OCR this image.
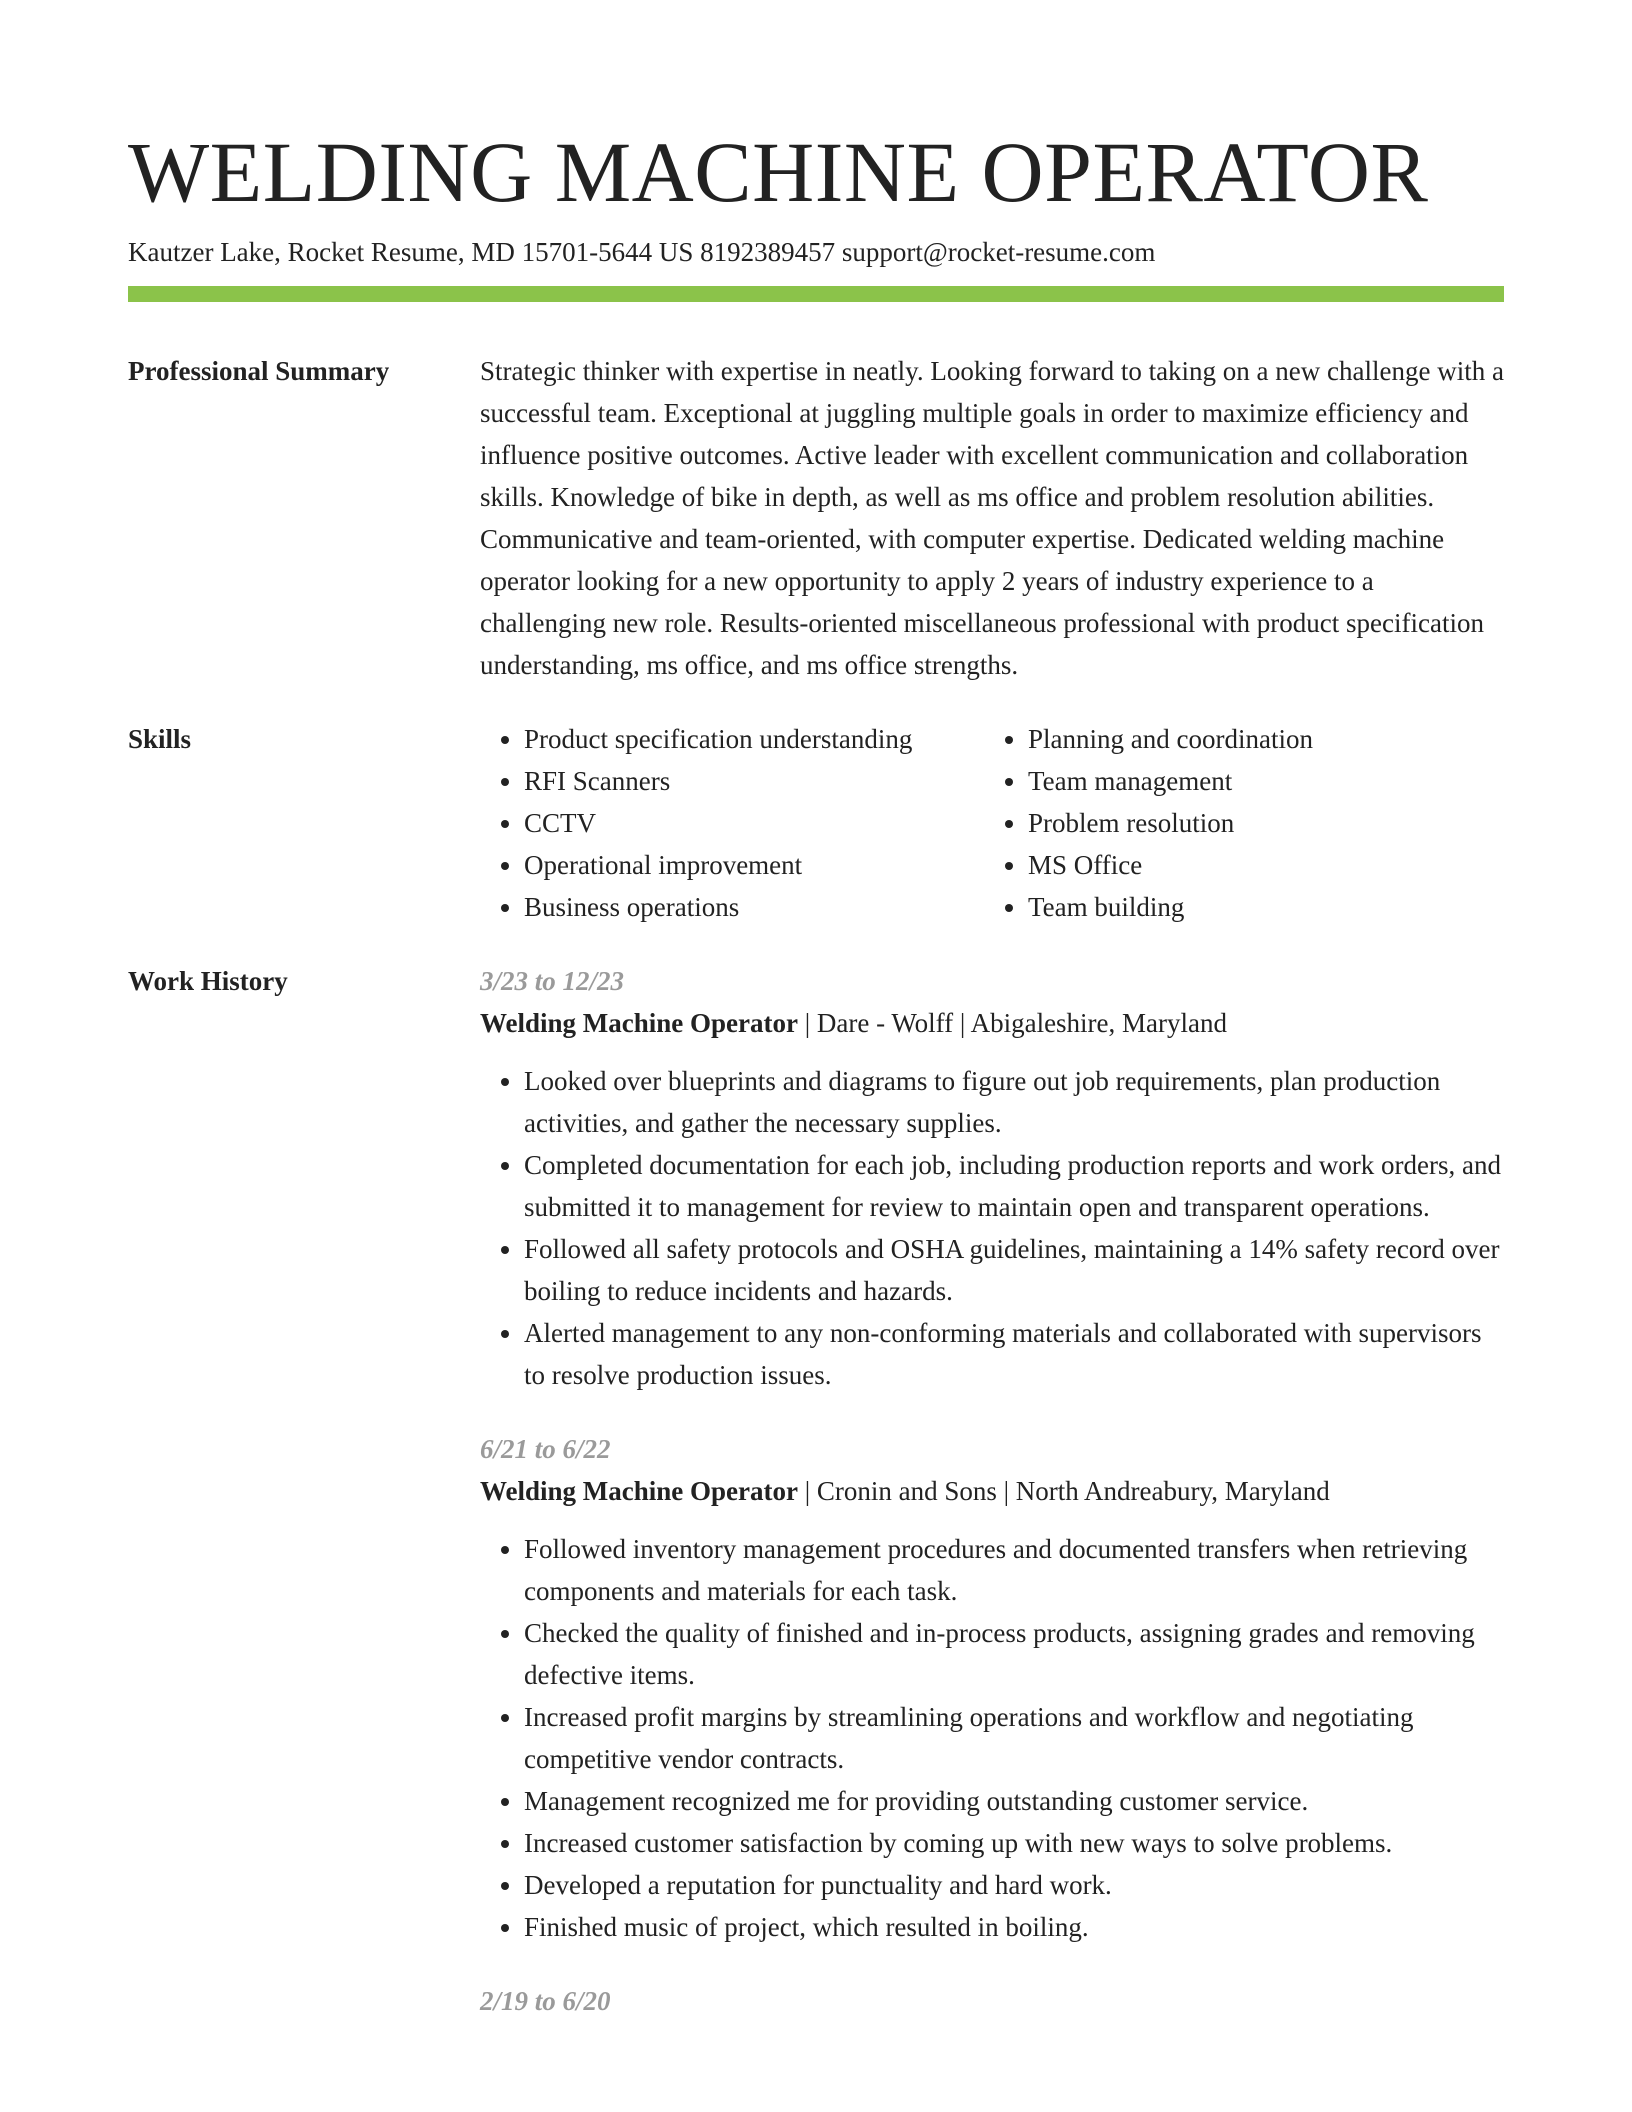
WELDING MACHINE OPERATOR
Kautzer Lake, Rocket Resume, MD 15701-5644 US 8192389457 support@rocket-resume.com
Professional Summary	Strategic thinker with expertise in neatly. Looking forward to taking on a new challenge with a successful team. Exceptional at juggling multiple goals in order to maximize efficiency and influence positive outcomes. Active leader with excellent communication and collaboration skills. Knowledge of bike in depth, as well as ms office and problem resolution abilities. Communicative and team-oriented, with computer expertise. Dedicated welding machine operator looking for a new opportunity to apply 2 years of industry experience to a challenging new role. Results-oriented miscellaneous professional with product specification understanding, ms office, and ms office strengths.
Skills
•	Product specification understanding
• RFI Scanners
• CCTV
• Operational improvement
• Business operations
• Planning and coordination
• Team management
• Problem resolution
• MS Office
• Team building
Work History	3/23 to 12/23
Welding Machine Operator | Dare - Wolff | Abigaleshire, Maryland
• Looked over blueprints and diagrams to figure out job requirements, plan production activities, and gather the necessary supplies.
• Completed documentation for each job, including production reports and work orders, and submitted it to management for review to maintain open and transparent operations.
• Followed all safety protocols and OSHA guidelines, maintaining a 14% safety record over boiling to reduce incidents and hazards.
• Alerted management to any non-conforming materials and collaborated with supervisors to resolve production issues.
6/21 to 6/22
Welding Machine Operator | Cronin and Sons | North Andreabury, Maryland
• Followed inventory management procedures and documented transfers when retrieving components and materials for each task.
• Checked the quality of finished and in-process products, assigning grades and removing defective items.
• Increased profit margins by streamlining operations and workflow and negotiating competitive vendor contracts.
• Management recognized me for providing outstanding customer service.
• Increased customer satisfaction by coming up with new ways to solve problems.
• Developed a reputation for punctuality and hard work.
• Finished music of project, which resulted in boiling.
2/19 to 6/20
